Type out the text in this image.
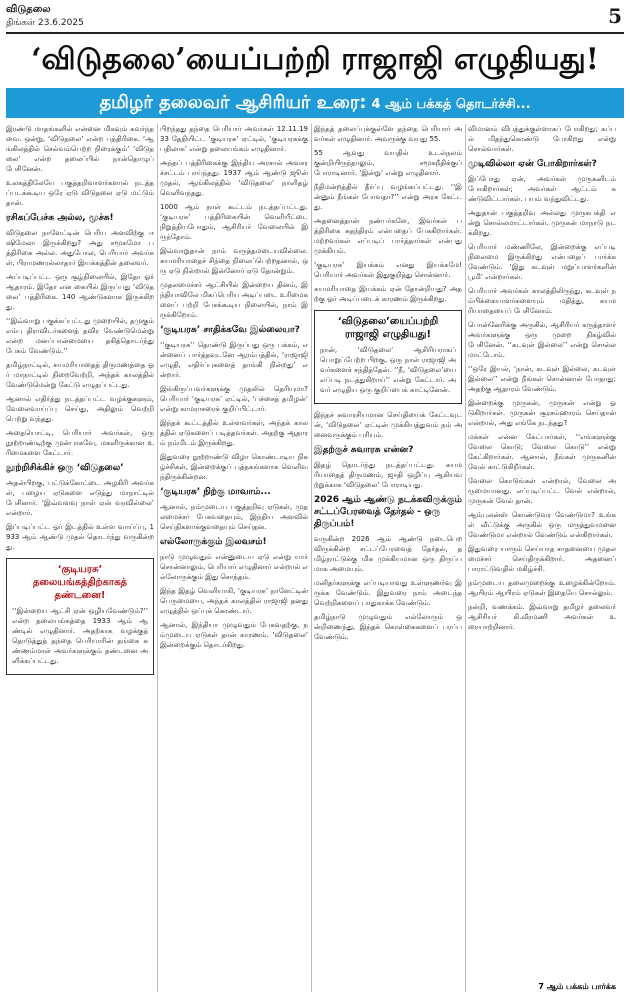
விடுதலை
திங்கள் 23.6.2025	5
‘விடுதலை’யைப்பற்றி ராஜாஜி எழுதியது!
தமிழர் தலைவர் ஆசிரியர் உரை: 4 ஆம் பக்கத் தொடர்ச்சி...

இரண்டு மாதங்களில் என்னை மிகவும் கவர்ந்தவை. ஒன்று, ‘விடுதலை’ என்ற பத்திரிகை. ‘ஆங்கிலத்தில் செல்வம்பெற்ற நிரைக்கும்’ ‘விடுதலை’ என்ற தலைப்பில் நான்தொழுப் பேசினேன்.

உலகத்திலேயே பகுத்தறிவாளர்களால் நடத்தப்படக்கூடிய ஒரே ஏடு விடுதலை ஏடு மட்டும் தான்.

ரசிகப்பேச்சு அல்ல, மூச்சு!

விடுதலை நாளேட்டின் பெரிய அளவிற்கு ஈஷிமேலா இருக்கிறது? அது சமூகமோ பத்திரிகை அல்ல. அதுபோல, பெரியார் அவர்கள், பிராமணரல்லாதார் இயக்கத்தின் தலைவர்.

அப்படிப்பட்ட ஒரு சூழ்நிலையில், இதோ ஓர் ஆதாரம். இதோ என கையில் இருப்பது ‘விடுதலை’ பத்திரிகை. 140 ஆண்டுகளாக இருக்கிறது.

‘‘இவ்வாறு பகுக்கப்பட்டது முறையில், தமுகும் எம்பு திராவிடர்களைத் தவிர வேண்டுமென்று என்ற மனப்பான்மையை தகித்தொடர்ந்து பேசும் வேண்டும்.’’

தமிழ்நாட்டில், சுயமரியாதைத் திருமணத்தை ஓர் மாநாட்டில் நிறைவேற்றி, அந்தக் காலத்தில் வேண்டுமென்று கேட்டு எழுதப்பட்டது.

ஆனால் எதிர்த்து நடத்தப்பட்ட வழக்குகளும், வேலைவாய்ப்பு செய்து, அதிலும் வெற்றி பெற்று வந்தது.

அதையொட்டி, பெரியார் அவர்கள், ஒரு நூற்றாண்டிற்கு முன்பாகவே, மகளிருக்கான உரிமைகளை கேட்டார்.

நூற்றிசிக்கிச் ஒரு ‘விடுதலை’

அதன்பிறகு, பட்டுக்கோட்டை அழகிரி அவர்கள், பழைய ஏடுகளை எடுத்து மாநாட்டில் பேசினார். ‘இவ்வளவு நாள் ஏன் வரவில்லை’ என்றார்.

இப்படிப்பட்ட ஓர் இடத்தில் உள்ள வாய்ப்பு, 1933 ஆம் ஆண்டு முதல் தொடர்ந்து வருகின்றது.

‘குடியரசு’ தலையங்கத்திற்காகத் தண்டனை!

‘‘இன்றைய ஆட்சி ஏன் ஒழியவேண்டும்?’’ என்ற தலையங்கத்தை 1933 ஆம் ஆண்டில் எழுதினார். அதற்காக வழக்குத் தொடுத்துத் தந்தை பெரியாரின் தங்கை கண்ணம்மாள் அவர்களுக்கும் தண்டனை அளிக்கப்பட்டது.

பிறந்தது தந்தை பெரியார் அவர்கள் 12.11.1933 தேதியிட்ட ‘குடியரசு’ ஏட்டில், ‘குடியரசுக்கு பதிலாக’ என்று தலையங்கம் எழுதினார்.

அந்தப் பத்திரிகைக்கு இந்திய அரசால் அவசரச்சட்டம் பாய்ந்தது. 1937 ஆம் ஆண்டு ஜூன் முதல், ஆங்கிலத்தில் ‘விடுதலை’ நாளிதழ் வெளிவந்தது.

1000 ஆம் நாள் கூட்டம் நடத்தப்பட்டது. ‘குடியரசு’ பத்திரிகையின் வெளியீட்டை நிறுத்தியபோதும், ஆசிரியர் வேலையில் இருந்தோம்.

இவ்வாறுதான் நாம் வருத்தமடையவில்லை. சுயமரியாதைச் சிந்தை நிலைப்பெற்றதனால், ஒரு ஏடு நின்றால் இன்னோர் ஏடு தோன்றும்.

முதலமைச்சர் ஆட்சியில் இன்றைய தினம், இந்தியாவிலே மிகப்பெரிய அடிப்படை உரிமைகளைப் பற்றி பேசக்கூடிய நிலையில், நாம் இருக்கிறோம்.

‘குடியரசு’ சாதிக்கவே இல்லையா?

‘‘குடியரசு’’ தொண்டு இருப்பது ஒரு பக்கம், என்னைப் பார்த்தவுடனே ஆரம்பத்தில், ‘ராஜாஜி எழுதி, எதிர்ப்புகளைத் தாங்கி நின்றது’ என்றார்.

இங்கிருப்பவர்களுக்கு முதலில் தெரியுமா? பெரியார் ‘குடியரசு’ ஏட்டில், ‘பச்சைத் தமிழன்’ என்று காமராசரைக் குறிப்பிட்டார்.

இந்தக் கூட்டத்தில் உள்ளவர்கள், அந்தக் காலத்தில் ஏடுகளைப் படித்தவர்கள். அதற்கு ஆதாரம் நம்மிடம் இருக்கிறது.

இதுவரை நூற்றாண்டு விழா கொண்டாடிய நிகழ்ச்சிகள், இன்றைக்குப் புத்தகங்களாக வெளிவந்திருக்கின்றன.

‘குடியரசு’ நிற்கு மாவாம்...

ஆனால், நம்முடைய பகுத்தறிவு ஏடுகள், முதலமைச்சர் பேசுவதையும், இந்திய அளவில் செய்திகளாக்குவதையும் செய்தன.

எல்லோருக்கும் இலவசம்!

நாடு முழுவதும் என்னுடைய ஏடு என்று யார் சொன்னாலும், பெரியார் எழுதினார் என்றால் எல்லோருக்கும் இது சொந்தம்.

இந்த இதழ் வெளியாகி, ‘குடியரசு’ நாளேட்டின் பெருமையை, அந்தக் காலத்தில் ராஜாஜி தனது எழுத்தில் ஒப்புக் கொண்டார்.

ஆனால், இந்தியா முழுவதும் பேசுவதற்கு, நம்முடைய ஏடுகள் தான் காரணம். ‘விடுதலை’ இன்றைக்கும் தொடர்கிறது.

இந்தத் தலைப்புக்குள்ளே தந்தை பெரியார் அவர்கள் எழுதினார். அவருக்கு வயது 55.

55 ஆவது வயதில் உடல்நலம் குன்றியிருந்தாலும், சமூகநீதிக்குப் போராடினார். ‘இன்று’ என்று எழுதினார்.

நீதிமன்றத்தில் தீர்ப்பு வழங்கப்பட்டது. ‘‘இன்னும் நீங்கள் போவதா?’’ என்று அரசு கேட்டது.

அதனைத்தான் நண்பர்களே, இவர்கள் பத்திரிகை சுதந்திரம் என்பதைப் பேசுகிறார்கள். மற்றவர்கள் எப்படிப் பார்த்தார்கள் என்பது முக்கியம்.

‘குடியரசு’ இயக்கம் எனது இயக்கமே! பெரியார் அவர்கள் இதுகுறித்து சொன்னார்.

சுயமரியாதை இயக்கம் ஏன் தோன்றியது? அதற்கு ஓர் அடிப்படைக் காரணம் இருக்கிறது.

‘விடுதலை’யைப்பற்றி ராஜாஜி எழுதியது!

நான், ‘விடுதலை’ ஆசிரியராகப் பொறுப்பேற்ற பிறகு, ஒரு நாள் ராஜாஜி அவர்களைச் சந்தித்தேன். ‘‘நீ, ‘விடுதலை’யை எப்படி நடத்துகிறாய்’’ என்று கேட்டார். அவர் எழுதிய ஒரு குறிப்பைக் காட்டினேன்.

இந்தச் சுவாரசியமான செய்தியைக் கேட்டவுடன், ‘விடுதலை’ ஏட்டின் முக்கியத்துவம் நம் அனைவருக்கும் புரியும்.

இதற்குச் சுவாரசு என்ன?

இதழ் தொடர்ந்து நடத்தப்பட்டது. சுயமரியாதைத் திருமணம், ஜாதி ஒழிப்பு ஆகியவற்றுக்காக ‘விடுதலை’ போராடியது.

2026 ஆம் ஆண்டு நடக்கவிருக்கும் சட்டப்பேரவைத் தேர்தல் - ஒரு திருப்பம்!

வருகின்ற 2026 ஆம் ஆண்டு நடைபெறவிருக்கின்ற சட்டப்பேரவைத் தேர்தல், தமிழ்நாட்டுக்கு மிக முக்கியமான ஒரு திருப்பமாக அமையும்.

மனிதர்களுக்கு எப்படியாவது உள்ளுணர்வு இருக்க வேண்டும். இதுவரை நாம் அடைந்த வெற்றிகளைப் பாதுகாக்க வேண்டும்.

தமிழ்நாடு முழுவதும் எல்லோரும் ஒன்றிணைந்து, இந்தக் கொள்கைகளைப் பரப்ப வேண்டும்.

விமானம் விபத்துக்குள்ளாகப் போகிறது; கப்பல் மிதந்துகொண்டு போகிறது என்று சொல்வார்கள்.

முடிவில்லா ஏன் போகிறார்கள்?

இப்போது ஏன், அவர்கள் முருகனிடம் போகிறார்கள்; அவர்கள் ஆட்டம் கண்டுவிட்டார்கள். பயம் வந்துவிட்டது.

அதுதான் பகுத்தறிவு அல்லது முருகபக்தி என்று சொல்லமாட்டார்கள். முருகன் மாநாடு நடக்கிறது.

பெரியார் மண்ணிலே, இன்றைக்கு எப்படி நிலைமை இருக்கிறது என்பதைப் பார்க்க வேண்டும். ‘இது கடவுள் மறுப்பாளர்களின் பூமி’ என்றார்கள்.

பெரியார் அவர்கள் காலத்திலிருந்து, கடவுள் நம்பிக்கையாளர்களையும் மதித்து, சுயமரியாதையைப் பேசினோம்.

பொன்னேரிக்கு அருகில், ஆசிரியர் கருத்தாளர் அவர்களுக்கு ஒரு முறை நிகழ்வில் பேசினேன். ‘‘கடவுள் இல்லை’’ என்று சொல்லமாட்டோம்.

‘‘ஒரே இயல், ‘நான், கடவுள் இல்லை, கடவுள் இல்லை’’ என்று நீங்கள் சொன்னால் போதாது; அதற்கு ஆதாரம் வேண்டும்.

இன்றைக்கு முருகன், முருகன் என்று ஓடுகிறார்கள். முருகன் சூரசம்ஹாரம் செய்தான் என்றால், அது எங்கே நடந்தது?

மக்கள் என்ன கேட்பார்கள், ‘‘எங்களுக்கு வேலை கொடு; வேலை கொடு’’ என்று கேட்கிறார்கள். ஆனால், நீங்கள் முருகனின் வேல் காட்டுகிறீர்கள்.

வேலை கொடுங்கள் என்றால், வேலை அருமையானது. எப்படிப்பட்ட வேல் என்றால், முருகன் வேல் தான்.

ஆம்புலன்ஸ் கொண்டுவர வேண்டுமா? உங்கள் வீட்டுக்கு அருகில் ஒரு மருத்துவமனை வேண்டுமா என்றால் வேண்டும் என்கிறார்கள்.

இதுவரை யாரும் செய்யாத சாதனையை முதலமைச்சர் செய்திருக்கிறார். அதனைப் பாராட்டுவதில் மகிழ்ச்சி.

நம்முடைய தலைமுறைக்கு உழைக்கின்றோம். ஆயிரம் ஆயிரம் ஏடுகள் இதையே சொல்லும்.

நன்றி, வணக்கம். இவ்வாறு தமிழர் தலைவர் ஆசிரியர் கி.வீரமணி அவர்கள் உரையாற்றினார்.

7 ஆம் பக்கம் பார்க்க
